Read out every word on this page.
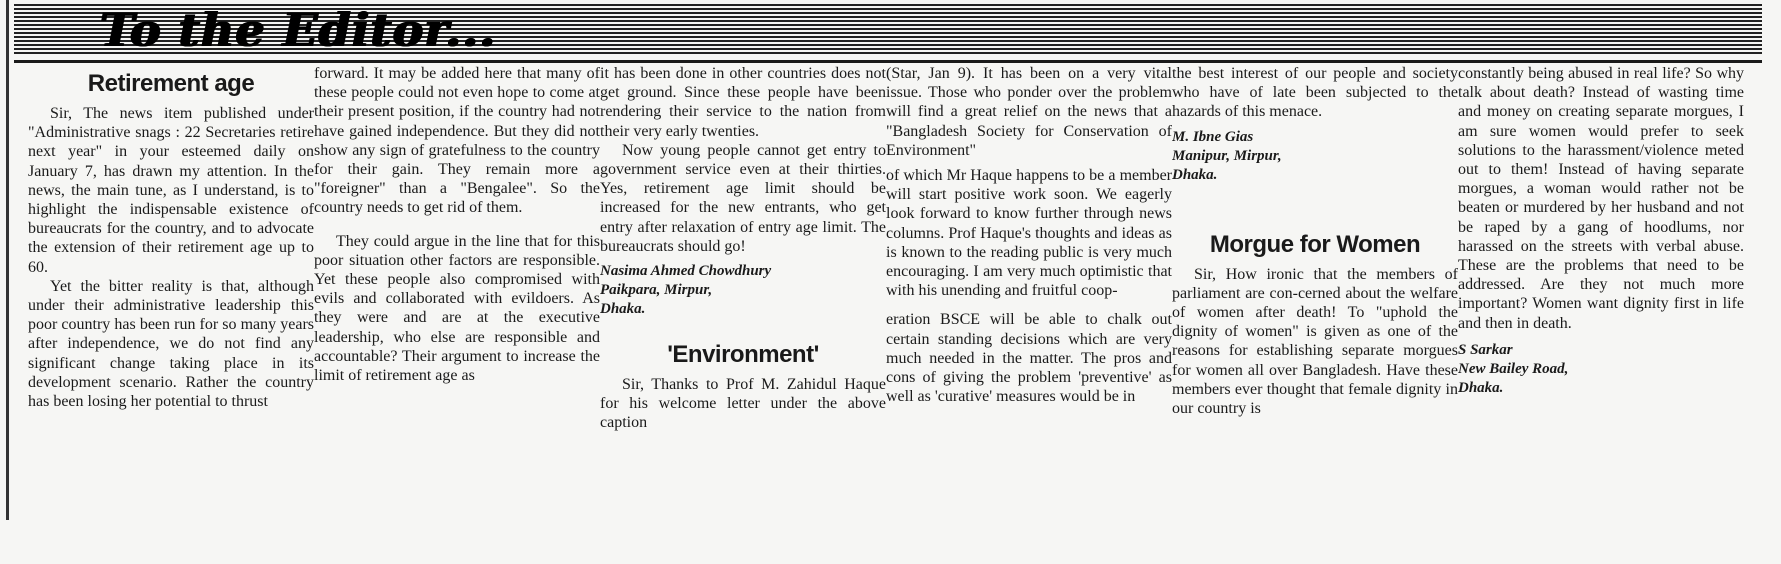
To the Editor...
Retirement age

Sir, The news item published under "Administrative snags : 22 Secretaries retire next year" in your esteemed daily on January 7, has drawn my attention. In the news, the main tune, as I understand, is to highlight the indispensable existence of bureaucrats for the country, and to advocate the extension of their retirement age up to 60.

Yet the bitter reality is that, although under their administrative leadership this poor country has been run for so many years after independence, we do not find any significant change taking place in its development scenario. Rather the country has been losing her potential to thrust

forward. It may be added here that many of these people could not even hope to come at their present position, if the country had not have gained independence. But they did not show any sign of gratefulness to the country for their gain. They remain more a "foreigner" than a "Bengalee". So the country needs to get rid of them.

They could argue in the line that for this poor situation other factors are responsible. Yet these people also compromised with evils and collaborated with evildoers. As they were and are at the executive leadership, who else are responsible and accountable? Their argument to increase the limit of retirement age as

it has been done in other countries does not get ground. Since these people have been rendering their service to the nation from their very early twenties.

Now young people cannot get entry to government service even at their thirties. Yes, retirement age limit should be increased for the new entrants, who get entry after relaxation of entry age limit. The bureaucrats should go!

Nasima Ahmed Chowdhury
Paikpara, Mirpur,
Dhaka.
'Environment'

Sir, Thanks to Prof M. Zahidul Haque for his welcome letter under the above caption

(Star, Jan 9). It has been on a very vital issue. Those who ponder over the problem will find a great relief on the news that a "Bangladesh Society for Conservation of Environment"

of which Mr Haque happens to be a member will start positive work soon. We eagerly look forward to know further through news columns. Prof Haque's thoughts and ideas as is known to the reading public is very much encouraging. I am very much optimistic that with his unending and fruitful coop-

eration BSCE will be able to chalk out certain standing decisions which are very much needed in the matter. The pros and cons of giving the problem 'preventive' as well as 'curative' measures would be in

the best interest of our people and society who have of late been subjected to the hazards of this menace.

M. Ibne Gias
Manipur, Mirpur,
Dhaka.
Morgue for Women

Sir, How ironic that the members of parliament are con-cerned about the welfare of women after death! To "uphold the dignity of women" is given as one of the reasons for establishing separate morgues for women all over Bangladesh. Have these members ever thought that female dignity in our country is

constantly being abused in real life? So why talk about death? Instead of wasting time and money on creating separate morgues, I am sure women would prefer to seek solutions to the harassment/violence meted out to them! Instead of having separate morgues, a woman would rather not be beaten or murdered by her husband and not be raped by a gang of hoodlums, nor harassed on the streets with verbal abuse. These are the problems that need to be addressed. Are they not much more important? Women want dignity first in life and then in death.

S Sarkar
New Bailey Road,
Dhaka.
